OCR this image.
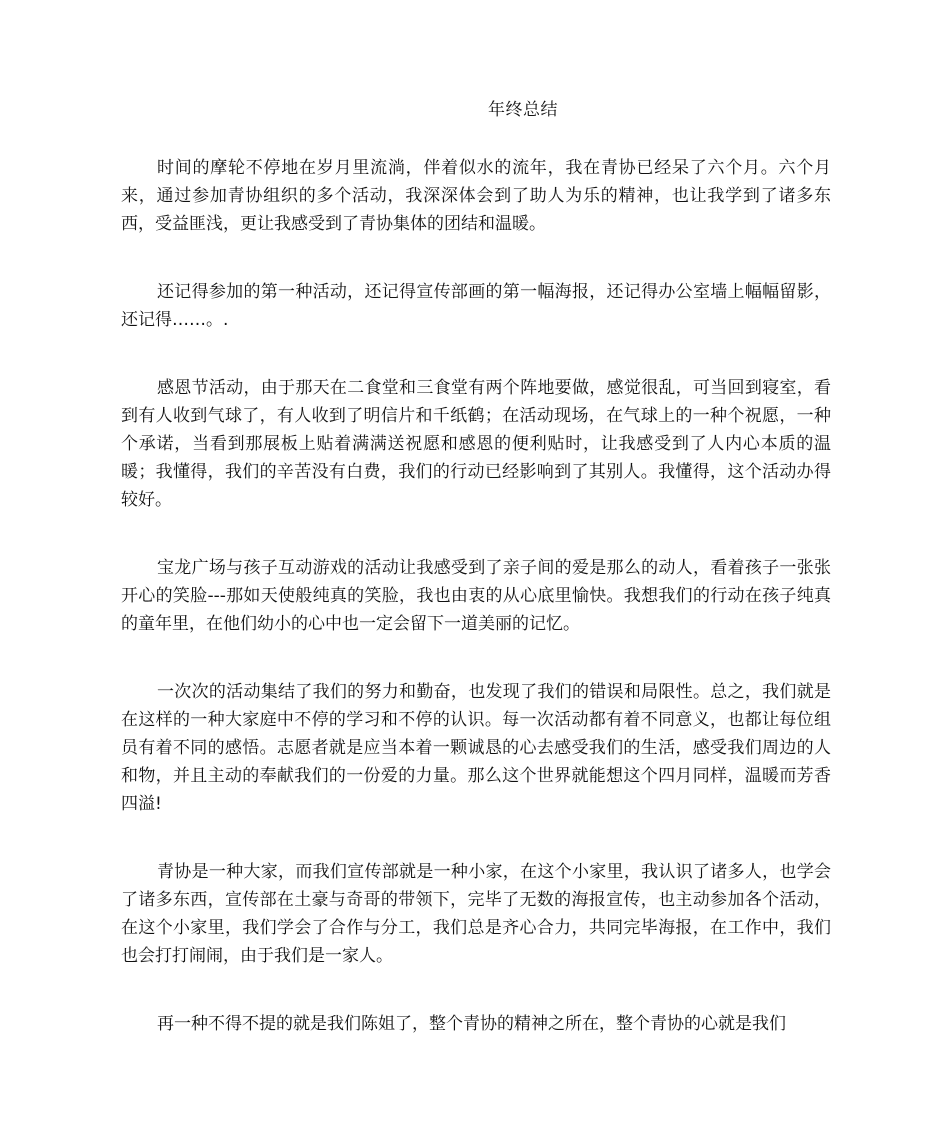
年终总结

时间的摩轮不停地在岁月里流淌，伴着似水的流年，我在青协已经呆了六个月。六个月来，通过参加青协组织的多个活动，我深深体会到了助人为乐的精神，也让我学到了诸多东西，受益匪浅，更让我感受到了青协集体的团结和温暖。

还记得参加的第一种活动，还记得宣传部画的第一幅海报，还记得办公室墙上幅幅留影，还记得……。.

感恩节活动，由于那天在二食堂和三食堂有两个阵地要做，感觉很乱，可当回到寝室，看到有人收到气球了，有人收到了明信片和千纸鹤；在活动现场，在气球上的一种个祝愿，一种个承诺，当看到那展板上贴着满满送祝愿和感恩的便利贴时，让我感受到了人内心本质的温暖；我懂得，我们的辛苦没有白费，我们的行动已经影响到了其别人。我懂得，这个活动办得较好。

宝龙广场与孩子互动游戏的活动让我感受到了亲子间的爱是那么的动人，看着孩子一张张开心的笑脸---那如天使般纯真的笑脸，我也由衷的从心底里愉快。我想我们的行动在孩子纯真的童年里，在他们幼小的心中也一定会留下一道美丽的记忆。

一次次的活动集结了我们的努力和勤奋，也发现了我们的错误和局限性。总之，我们就是在这样的一种大家庭中不停的学习和不停的认识。每一次活动都有着不同意义，也都让每位组员有着不同的感悟。志愿者就是应当本着一颗诚恳的心去感受我们的生活，感受我们周边的人和物，并且主动的奉献我们的一份爱的力量。那么这个世界就能想这个四月同样，温暖而芳香四溢!

青协是一种大家，而我们宣传部就是一种小家，在这个小家里，我认识了诸多人，也学会了诸多东西，宣传部在土豪与奇哥的带领下，完毕了无数的海报宣传，也主动参加各个活动，在这个小家里，我们学会了合作与分工，我们总是齐心合力，共同完毕海报，在工作中，我们也会打打闹闹，由于我们是一家人。

再一种不得不提的就是我们陈姐了，整个青协的精神之所在，整个青协的心就是我们
